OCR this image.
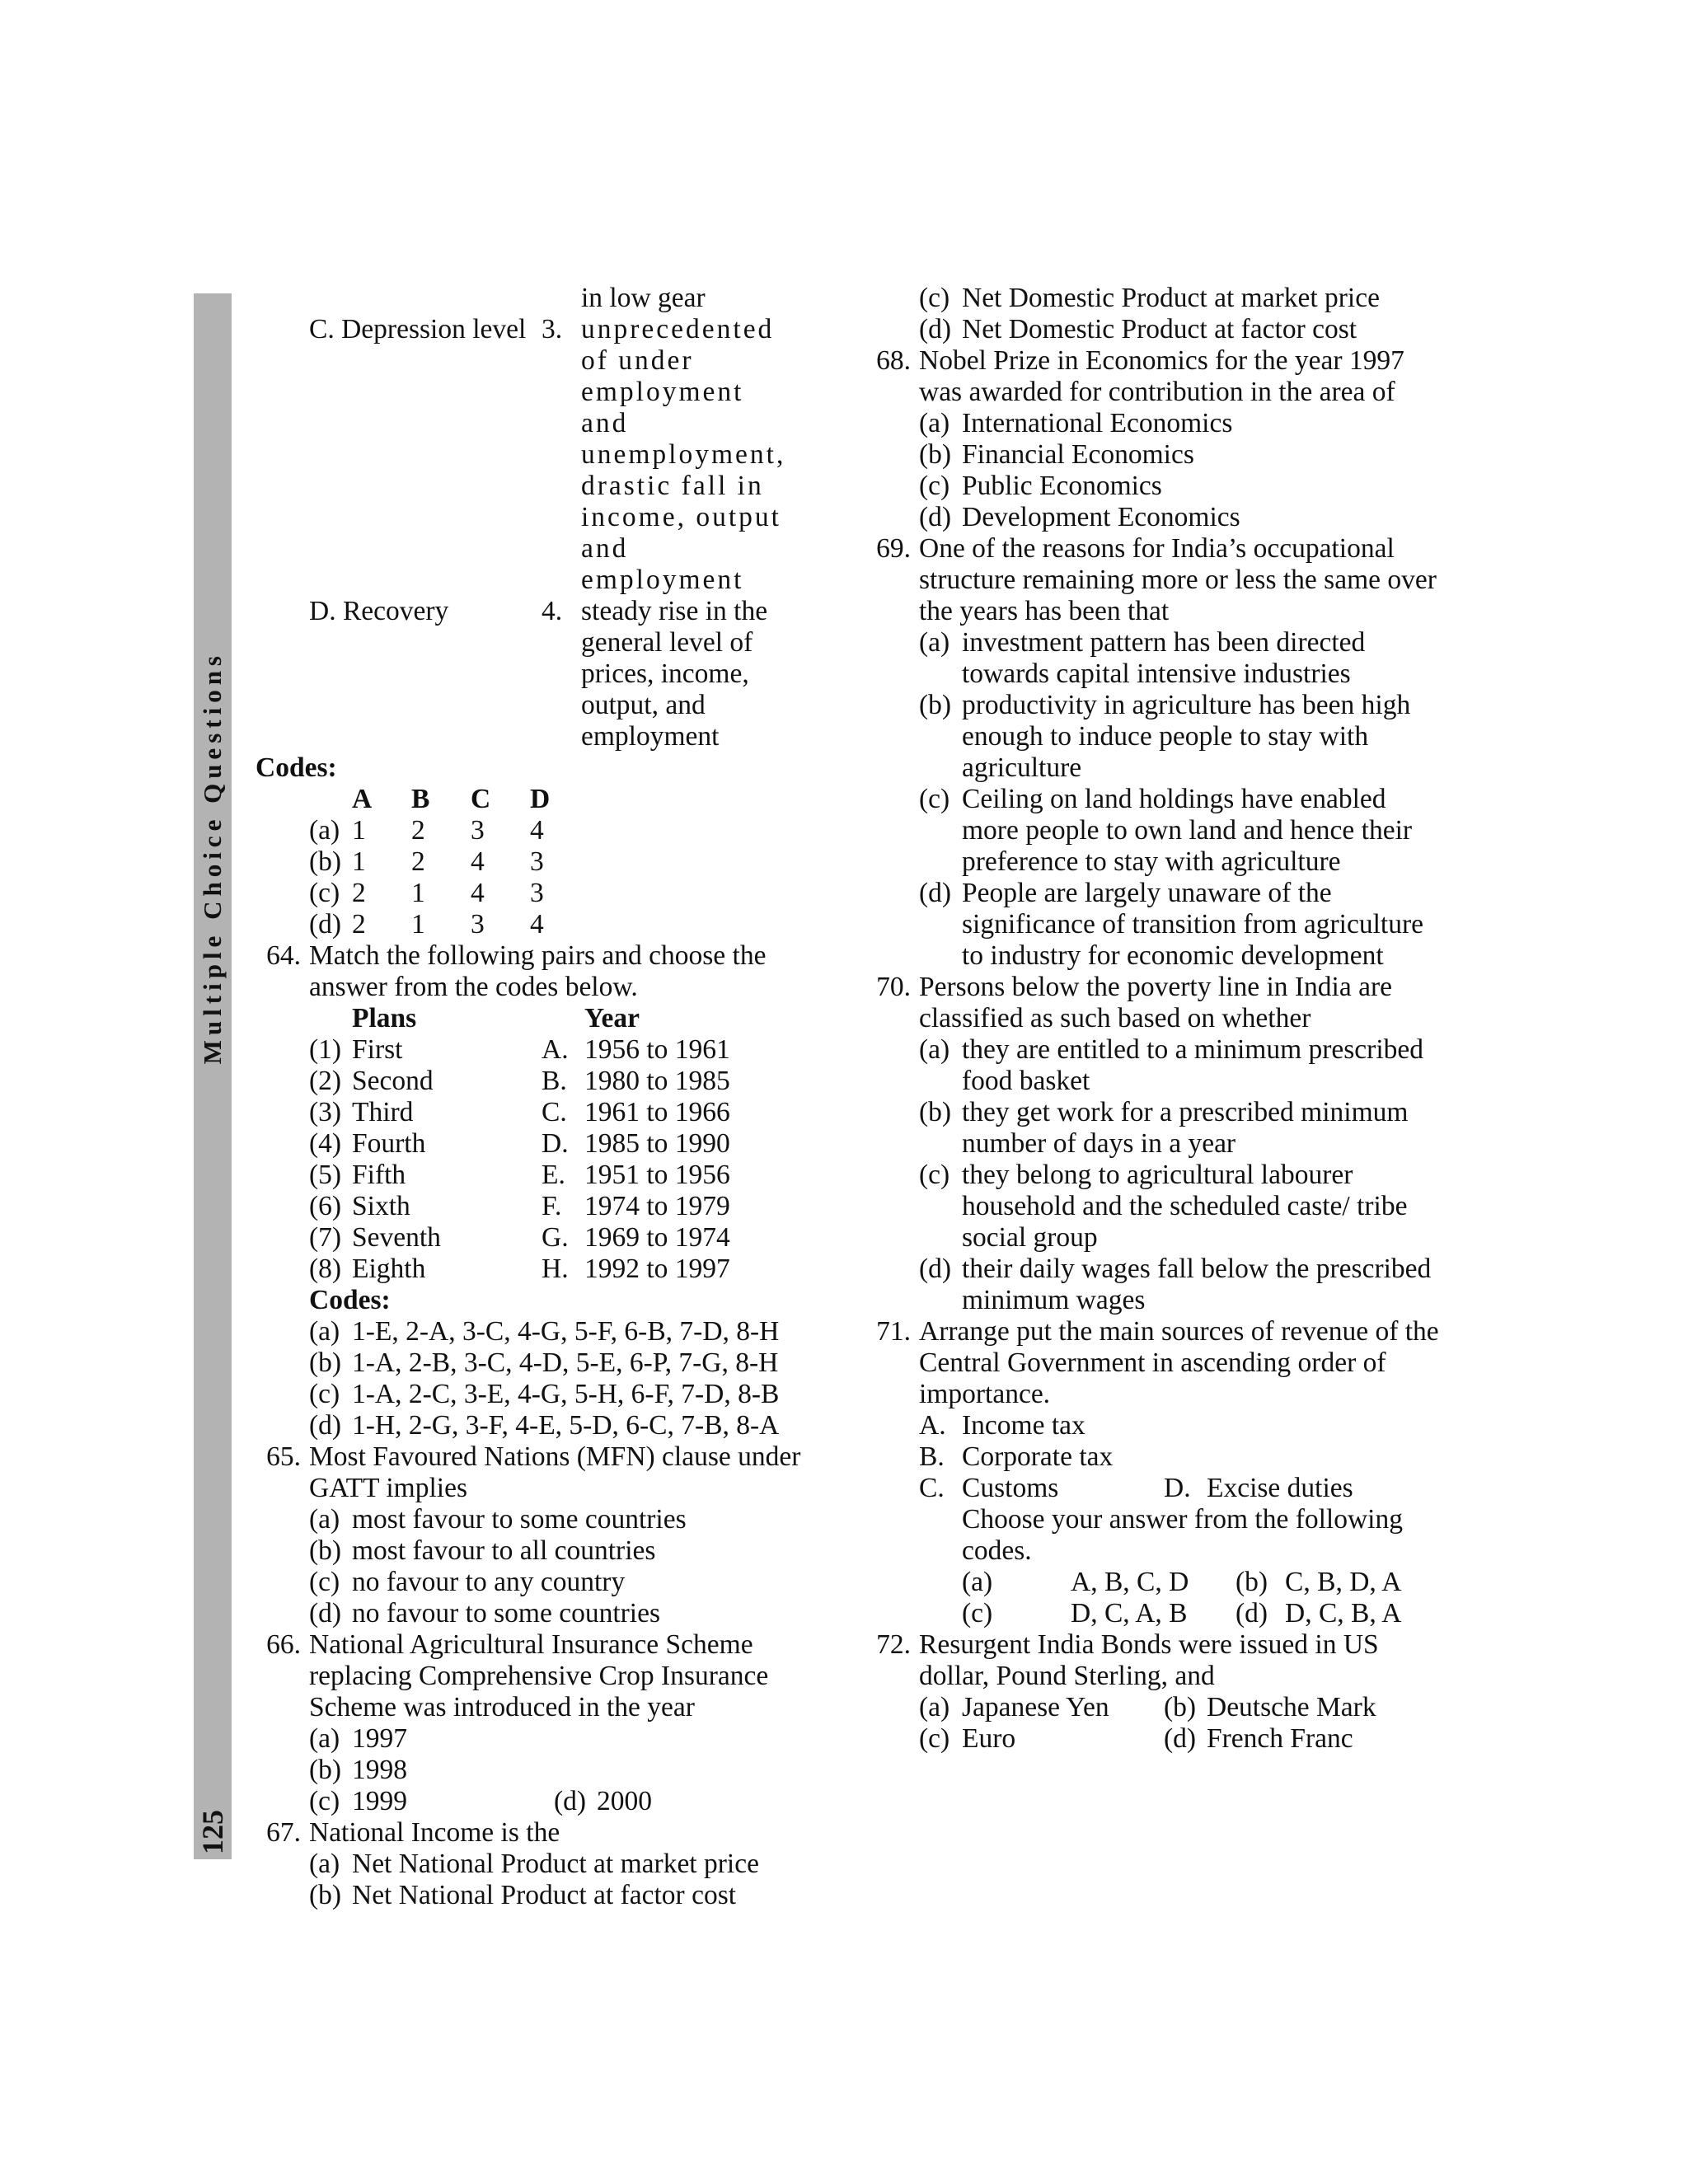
Multiple Choice Questions
125
in low gear
C. Depression level 3. unprecedented of under employment and unemployment, drastic fall in income, output and employment
D. Recovery	4. steady rise in the general level of prices, income, output, and employment
Codes:
A	B	C	D
(a) 1	2	3	4
(b) 1	2	4	3
(c) 2	1	4	3
(d) 2	1	3	4
64. Match the following pairs and choose the answer from the codes below.
Plans	Year
(1) First	A. 1956 to 1961
(2) Second	B. 1980 to 1985
(3) Third	C. 1961 to 1966
(4) Fourth	D. 1985 to 1990
(5) Fifth	E. 1951 to 1956
(6) Sixth	F. 1974 to 1979
(7) Seventh	G. 1969 to 1974
(8) Eighth	H. 1992 to 1997
Codes:
(a) 1-E, 2-A, 3-C, 4-G, 5-F, 6-B, 7-D, 8-H
(b) 1-A, 2-B, 3-C, 4-D, 5-E, 6-P, 7-G, 8-H
(c) 1-A, 2-C, 3-E, 4-G, 5-H, 6-F, 7-D, 8-B
(d) 1-H, 2-G, 3-F, 4-E, 5-D, 6-C, 7-B, 8-A
65. Most Favoured Nations (MFN) clause under GATT implies
(a) most favour to some countries
(b) most favour to all countries
(c) no favour to any country
(d) no favour to some countries
66. National Agricultural Insurance Scheme replacing Comprehensive Crop Insurance Scheme was introduced in the year
(a) 1997
(b) 1998
(c) 1999	(d) 2000
67. National Income is the
(a) Net National Product at market price
(b) Net National Product at factor cost
(c) Net Domestic Product at market price
(d) Net Domestic Product at factor cost
68. Nobel Prize in Economics for the year 1997 was awarded for contribution in the area of
(a) International Economics
(b) Financial Economics
(c) Public Economics
(d) Development Economics
69. One of the reasons for India’s occupational structure remaining more or less the same over the years has been that
(a) investment pattern has been directed towards capital intensive industries
(b) productivity in agriculture has been high enough to induce people to stay with agriculture
(c) Ceiling on land holdings have enabled more people to own land and hence their preference to stay with agriculture
(d) People are largely unaware of the significance of transition from agriculture to industry for economic development
70. Persons below the poverty line in India are classified as such based on whether
(a) they are entitled to a minimum prescribed food basket
(b) they get work for a prescribed minimum number of days in a year
(c) they belong to agricultural labourer household and the scheduled caste/ tribe social group
(d) their daily wages fall below the prescribed minimum wages
71. Arrange put the main sources of revenue of the Central Government in ascending order of importance.
A. Income tax
B. Corporate tax
C. Customs	D. Excise duties
Choose your answer from the following codes.
(a)	A, B, C, D	(b) C, B, D, A
(c)	D, C, A, B	(d) D, C, B, A
72. Resurgent India Bonds were issued in US dollar, Pound Sterling, and
(a) Japanese Yen	(b) Deutsche Mark
(c) Euro	(d) French Franc
